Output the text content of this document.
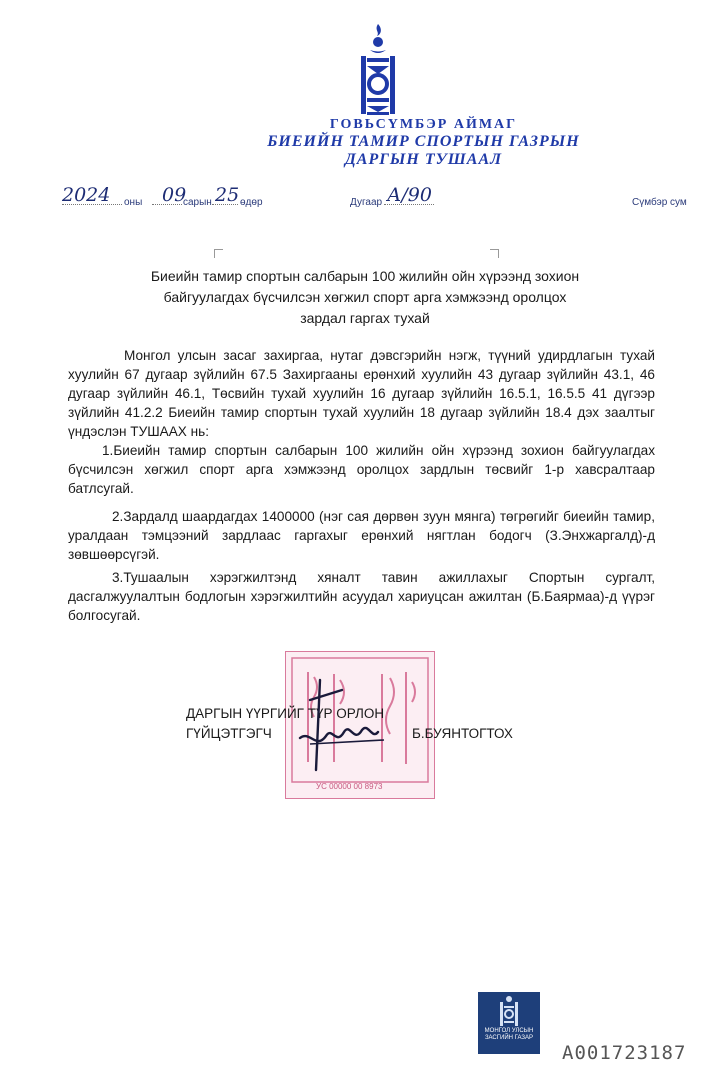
ГОВЬСҮМБЭР АЙМАГ
БИЕИЙН ТАМИР СПОРТЫН ГАЗРЫН
ДАРГЫН ТУШААЛ
2024 оны 09
сарын 25 өдөр	Дугаар А/90	Сүмбэр сум
Биеийн тамир спортын салбарын 100 жилийн ойн хүрээнд зохион
байгуулагдах бүсчилсэн хөгжил спорт арга хэмжээнд оролцох
зардал гаргах тухай
Монгол улсын засаг захиргаа, нутаг дэвсгэрийн нэгж, түүний удирдлагын тухай хуулийн 67 дугаар зүйлийн 67.5 Захиргааны ерөнхий хуулийн 43 дугаар зүйлийн 43.1, 46 дугаар зүйлийн 46.1, Төсвийн тухай хуулийн 16 дугаар зүйлийн 16.5.1, 16.5.5 41 дүгээр зүйлийн 41.2.2 Биеийн тамир спортын тухай хуулийн 18 дугаар зүйлийн 18.4 дэх заалтыг үндэслэн ТУШААХ нь:
1.Биеийн тамир спортын салбарын 100 жилийн ойн хүрээнд зохион байгуулагдах бүсчилсэн хөгжил спорт арга хэмжээнд оролцох зардлын төсвийг 1-р хавсралтаар батлсугай.
2.Зардалд шаардагдах 1400000 (нэг сая дөрвөн зуун мянга) төгрөгийг биеийн тамир, уралдаан тэмцээний зардлаас гаргахыг ерөнхий нягтлан бодогч (З.Энхжаргалд)-д зөвшөөрсүгэй.
3.Тушаалын хэрэгжилтэнд хяналт тавин ажиллахыг Спортын сургалт, дасгалжуулалтын бодлогын хэрэгжилтийн асуудал хариуцсан ажилтан (Б.Баярмаа)-д үүрэг болгосугай.
УС 00000 00 8973
ДАРГЫН ҮҮРГИЙГ ТҮР ОРЛОН
ГҮЙЦЭТГЭГЧ	Б.БУЯНТОГТОХ
МОНГОЛ УЛСЫН
ЗАСГИЙН ГАЗАР
А001723187
